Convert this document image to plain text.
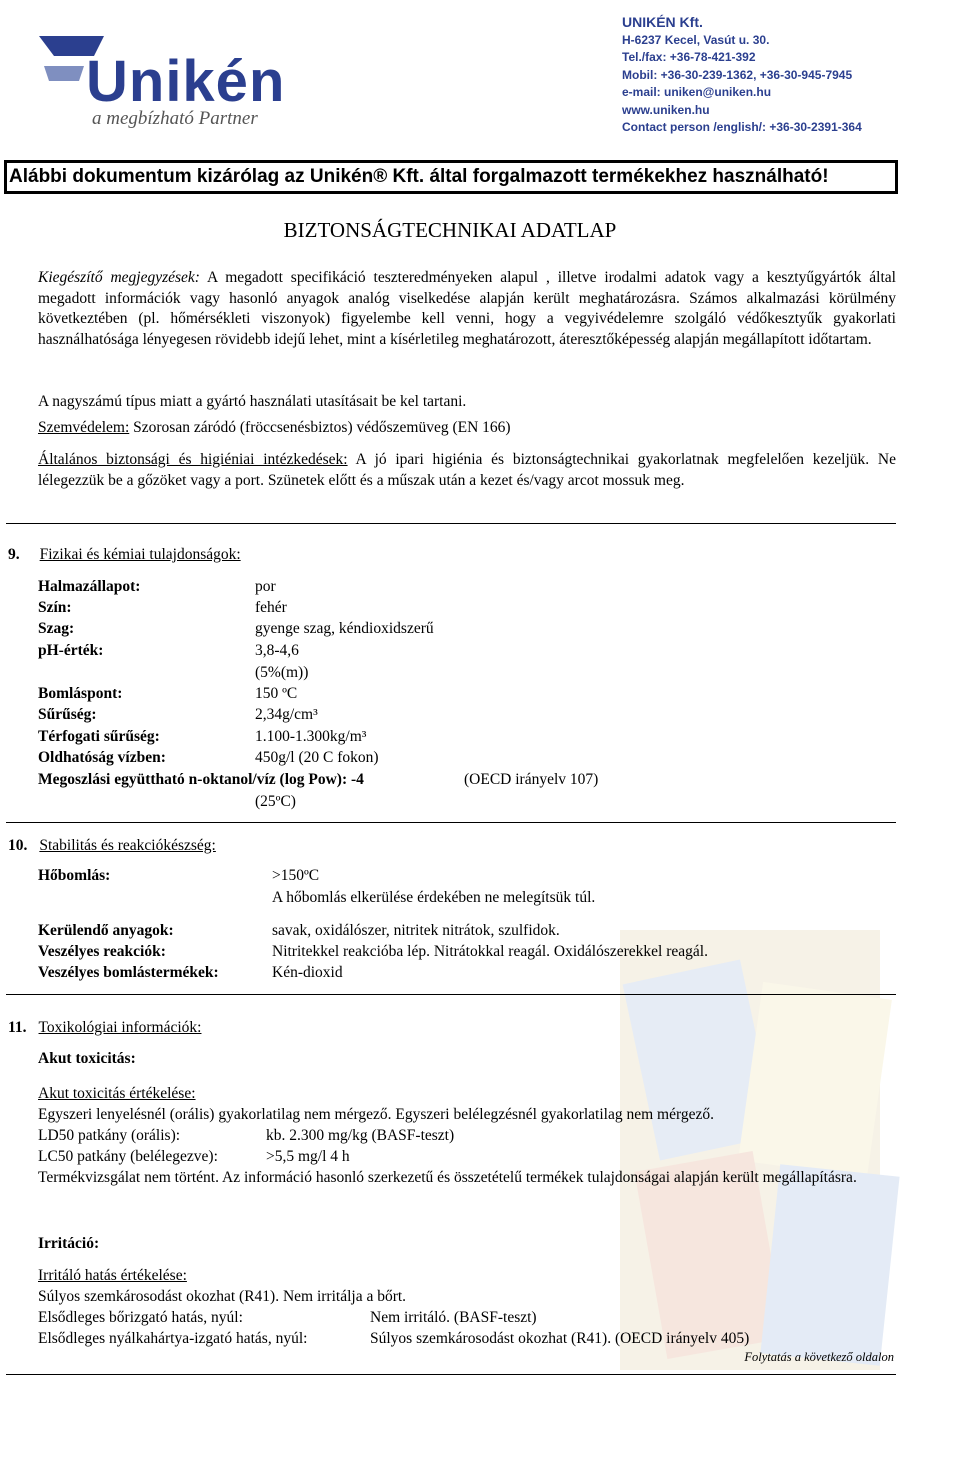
Unikén
a megbízható Partner
UNIKÉN Kft.
H-6237 Kecel, Vasút u. 30.
Tel./fax: +36-78-421-392
Mobil: +36-30-239-1362, +36-30-945-7945
e-mail: uniken@uniken.hu
www.uniken.hu
Contact person /english/: +36-30-2391-364
Alábbi dokumentum kizárólag az Unikén® Kft. által forgalmazott termékekhez használható!
BIZTONSÁGTECHNIKAI ADATLAP
Kiegészítő megjegyzések: A megadott specifikáció teszteredményeken alapul , illetve irodalmi adatok vagy a kesztyűgyártók által megadott információk vagy hasonló anyagok analóg viselkedése alapján került meghatározásra. Számos alkalmazási körülmény következtében (pl. hőmérsékleti viszonyok) figyelembe kell venni, hogy a vegyivédelemre szolgáló védőkesztyűk gyakorlati használhatósága lényegesen rövidebb idejű lehet, mint a kísérletileg meghatározott, áteresztőképesség alapján megállapított időtartam.
A nagyszámú típus miatt a gyártó használati utasításait be kel tartani.
Szemvédelem: Szorosan záródó (fröccsenésbiztos) védőszemüveg (EN 166)
Általános biztonsági és higiéniai intézkedések: A jó ipari higiénia és biztonságtechnikai gyakorlatnak megfelelően kezeljük. Ne lélegezzük be a gőzöket vagy a port. Szünetek előtt és a műszak után a kezet és/vagy arcot mossuk meg.
9. Fizikai és kémiai tulajdonságok:
Halmazállapot:	por
Szín:	fehér
Szag:	gyenge szag, kéndioxidszerű
pH-érték:	3,8-4,6
(5%(m))
Bomláspont:	150 ºC
Sűrűség:	2,34g/cm³
Térfogati sűrűség:	1.100-1.300kg/m³
Oldhatóság vízben:	450g/l (20 C fokon)
Megoszlási együttható n-oktanol/víz (log Pow): -4	(OECD irányelv 107)
(25ºC)
10. Stabilitás és reakciókészség:
Hőbomlás:	>150ºC
A hőbomlás elkerülése érdekében ne melegítsük túl.
Kerülendő anyagok:	savak, oxidálószer, nitritek nitrátok, szulfidok.
Veszélyes reakciók:	Nitritekkel reakcióba lép. Nitrátokkal reagál. Oxidálószerekkel reagál.
Veszélyes bomlástermékek:	Kén-dioxid
11. Toxikológiai információk:
Akut toxicitás:
Akut toxicitás értékelése:
Egyszeri lenyelésnél (orális) gyakorlatilag nem mérgező. Egyszeri belélegzésnél gyakorlatilag nem mérgező.
LD50 patkány (orális):	kb. 2.300 mg/kg (BASF-teszt)
LC50 patkány (belélegezve):	>5,5 mg/l 4 h
Termékvizsgálat nem történt. Az információ hasonló szerkezetű és összetételű termékek tulajdonságai alapján került megállapításra.
Irritáció:
Irritáló hatás értékelése:
Súlyos szemkárosodást okozhat (R41). Nem irritálja a bőrt.
Elsődleges bőrizgató hatás, nyúl:	Nem irritáló. (BASF-teszt)
Elsődleges nyálkahártya-izgató hatás, nyúl:	Súlyos szemkárosodást okozhat (R41). (OECD irányelv 405)
Folytatás a következő oldalon
